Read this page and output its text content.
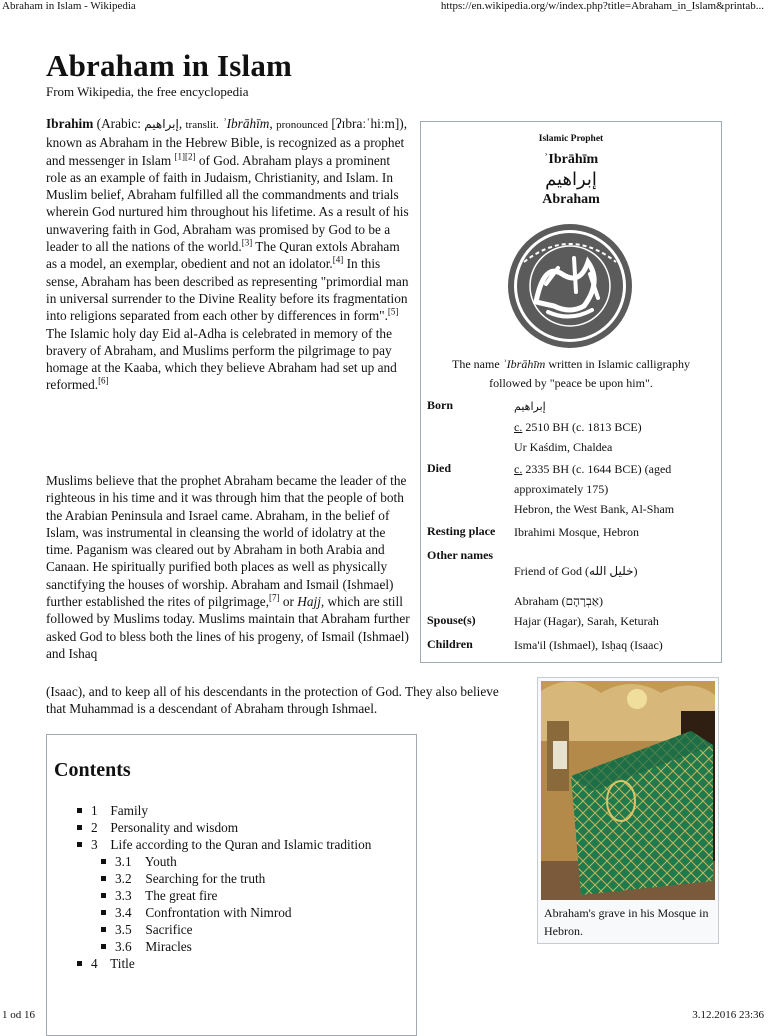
Abraham in Islam - Wikipedia	https://en.wikipedia.org/w/index.php?title=Abraham_in_Islam&printab...
Abraham in Islam
From Wikipedia, the free encyclopedia

Ibrahim (Arabic: إبراهيم, translit. ʾIbrāhīm, pronounced [ʔɪbraːˈhiːm]), known as Abraham in the Hebrew Bible, is recognized as a prophet and messenger in Islam [1][2] of God. Abraham plays a prominent role as an example of faith in Judaism, Christianity, and Islam. In Muslim belief, Abraham fulfilled all the commandments and trials wherein God nurtured him throughout his lifetime. As a result of his unwavering faith in God, Abraham was promised by God to be a leader to all the nations of the world.[3] The Quran extols Abraham as a model, an exemplar, obedient and not an idolator.[4] In this sense, Abraham has been described as representing "primordial man in universal surrender to the Divine Reality before its fragmentation into religions separated from each other by differences in form".[5] The Islamic holy day Eid al-Adha is celebrated in memory of the bravery of Abraham, and Muslims perform the pilgrimage to pay homage at the Kaaba, which they believe Abraham had set up and reformed.[6]

Muslims believe that the prophet Abraham became the leader of the righteous in his time and it was through him that the people of both the Arabian Peninsula and Israel came. Abraham, in the belief of Islam, was instrumental in cleansing the world of idolatry at the time. Paganism was cleared out by Abraham in both Arabia and Canaan. He spiritually purified both places as well as physically sanctifying the houses of worship. Abraham and Ismail (Ishmael) further established the rites of pilgrimage,[7] or Hajj, which are still followed by Muslims today. Muslims maintain that Abraham further asked God to bless both the lines of his progeny, of Ismail (Ishmael) and Ishaq

(Isaac), and to keep all of his descendants in the protection of God. They also believe that Muhammad is a descendant of Abraham through Ishmael.
Islamic Prophet
ʾIbrāhīm
إبراهيم
Abraham
The name ʾIbrāhīm written in Islamic calligraphy followed by "peace be upon him".
Born	إبراهيم
c. 2510 BH (c. 1813 BCE)
Ur Kaśdim, Chaldea
Died	c. 2335 BH (c. 1644 BCE) (aged approximately 175)
Hebron, the West Bank, Al-Sham
Resting place	Ibrahimi Mosque, Hebron
Other names
Friend of God (خليل الله)
Abraham (אַבְרָהָם)
Spouse(s)	Hajar (Hagar), Sarah, Keturah
Children	Isma'il (Ishmael), Isḥaq (Isaac)
Abraham's grave in his Mosque in Hebron.
Contents
1 Family
2 Personality and wisdom
3 Life according to the Quran and Islamic tradition
3.1 Youth
3.2 Searching for the truth
3.3 The great fire
3.4 Confrontation with Nimrod
3.5 Sacrifice
3.6 Miracles
4 Title
1 od 16	3.12.2016 23:36
